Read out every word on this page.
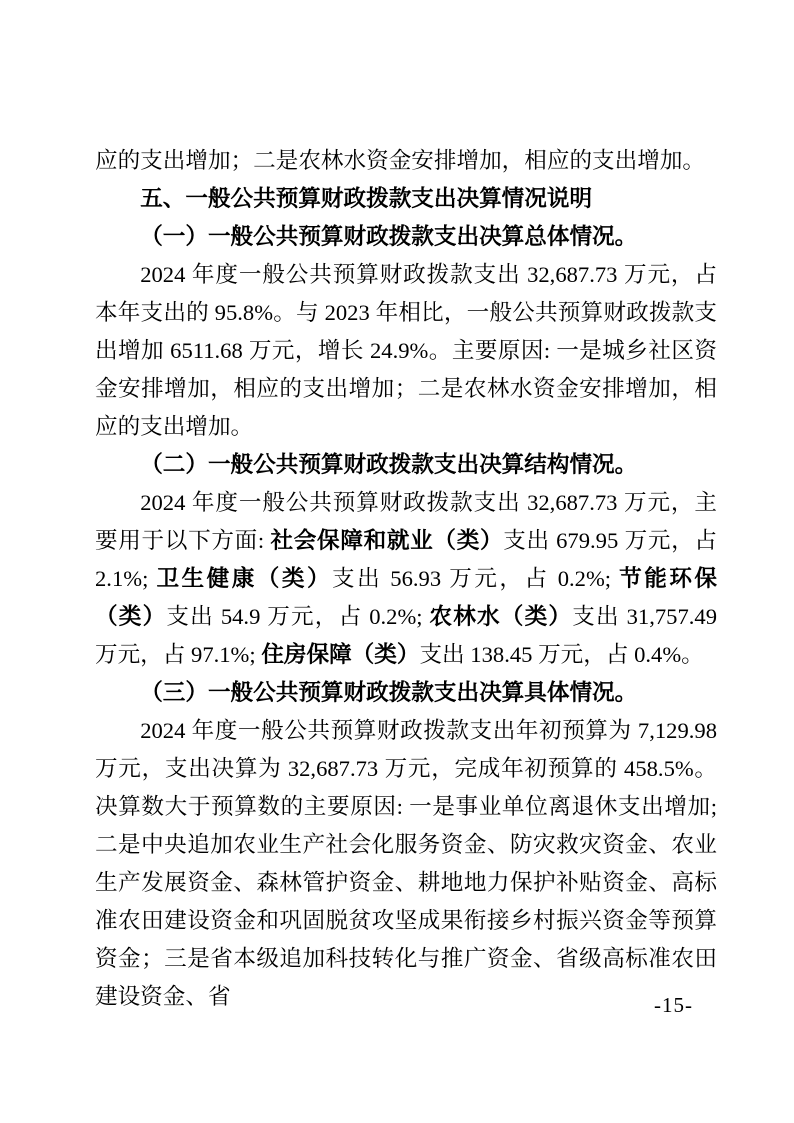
应的支出增加；二是农林水资金安排增加，相应的支出增加。

五、一般公共预算财政拨款支出决算情况说明

（一）一般公共预算财政拨款支出决算总体情况。

2024 年度一般公共预算财政拨款支出 32,687.73 万元，占本年支出的 95.8%。与 2023 年相比，一般公共预算财政拨款支出增加 6511.68 万元，增长 24.9%。主要原因: 一是城乡社区资金安排增加，相应的支出增加；二是农林水资金安排增加，相应的支出增加。

（二）一般公共预算财政拨款支出决算结构情况。

2024 年度一般公共预算财政拨款支出 32,687.73 万元，主要用于以下方面: 社会保障和就业（类）支出 679.95 万元，占 2.1%; 卫生健康（类）支出 56.93 万元，占 0.2%; 节能环保（类）支出 54.9 万元，占 0.2%; 农林水（类）支出 31,757.49 万元，占 97.1%; 住房保障（类）支出 138.45 万元，占 0.4%。

（三）一般公共预算财政拨款支出决算具体情况。

2024 年度一般公共预算财政拨款支出年初预算为 7,129.98 万元，支出决算为 32,687.73 万元，完成年初预算的 458.5%。决算数大于预算数的主要原因: 一是事业单位离退休支出增加; 二是中央追加农业生产社会化服务资金、防灾救灾资金、农业生产发展资金、森林管护资金、耕地地力保护补贴资金、高标准农田建设资金和巩固脱贫攻坚成果衔接乡村振兴资金等预算资金；三是省本级追加科技转化与推广资金、省级高标准农田建设资金、省	-15-
